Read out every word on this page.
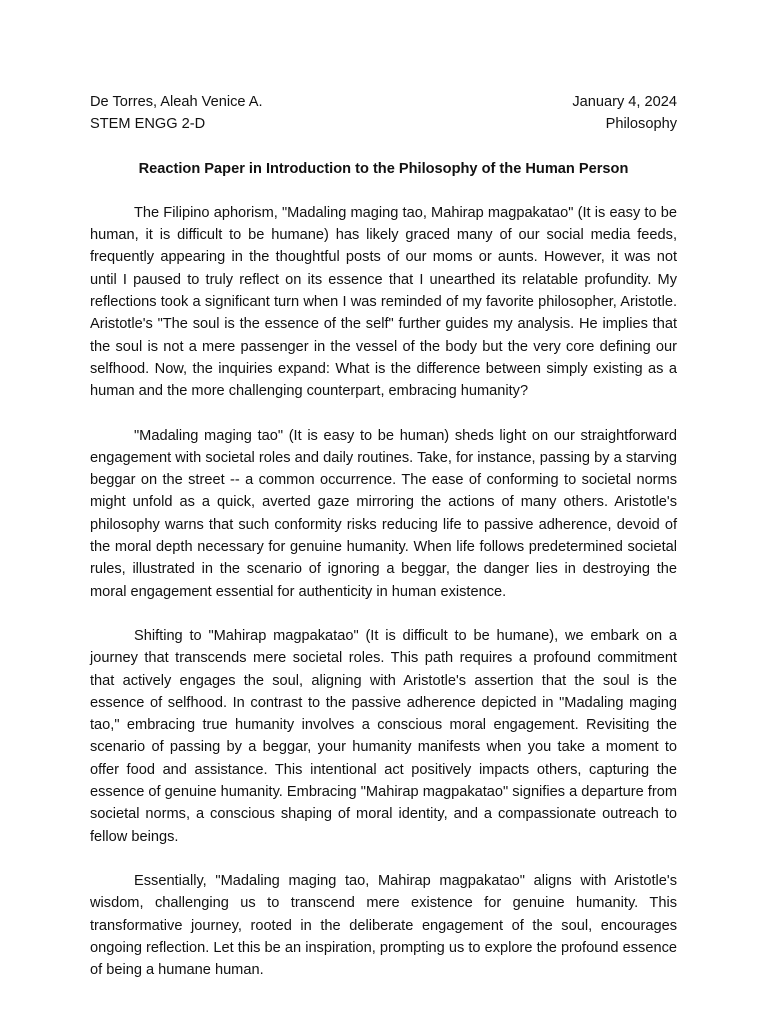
De Torres, Aleah Venice A.
STEM ENGG 2-D
January 4, 2024
Philosophy
Reaction Paper in Introduction to the Philosophy of the Human Person

The Filipino aphorism, "Madaling maging tao, Mahirap magpakatao" (It is easy to be human, it is difficult to be humane) has likely graced many of our social media feeds, frequently appearing in the thoughtful posts of our moms or aunts. However, it was not until I paused to truly reflect on its essence that I unearthed its relatable profundity. My reflections took a significant turn when I was reminded of my favorite philosopher, Aristotle. Aristotle's "The soul is the essence of the self" further guides my analysis. He implies that the soul is not a mere passenger in the vessel of the body but the very core defining our selfhood. Now, the inquiries expand: What is the difference between simply existing as a human and the more challenging counterpart, embracing humanity?

"Madaling maging tao" (It is easy to be human) sheds light on our straightforward engagement with societal roles and daily routines. Take, for instance, passing by a starving beggar on the street -- a common occurrence. The ease of conforming to societal norms might unfold as a quick, averted gaze mirroring the actions of many others. Aristotle's philosophy warns that such conformity risks reducing life to passive adherence, devoid of the moral depth necessary for genuine humanity. When life follows predetermined societal rules, illustrated in the scenario of ignoring a beggar, the danger lies in destroying the moral engagement essential for authenticity in human existence.

Shifting to "Mahirap magpakatao" (It is difficult to be humane), we embark on a journey that transcends mere societal roles. This path requires a profound commitment that actively engages the soul, aligning with Aristotle's assertion that the soul is the essence of selfhood. In contrast to the passive adherence depicted in "Madaling maging tao," embracing true humanity involves a conscious moral engagement. Revisiting the scenario of passing by a beggar, your humanity manifests when you take a moment to offer food and assistance. This intentional act positively impacts others, capturing the essence of genuine humanity. Embracing "Mahirap magpakatao" signifies a departure from societal norms, a conscious shaping of moral identity, and a compassionate outreach to fellow beings.

Essentially, "Madaling maging tao, Mahirap magpakatao" aligns with Aristotle's wisdom, challenging us to transcend mere existence for genuine humanity. This transformative journey, rooted in the deliberate engagement of the soul, encourages ongoing reflection. Let this be an inspiration, prompting us to explore the profound essence of being a humane human.
